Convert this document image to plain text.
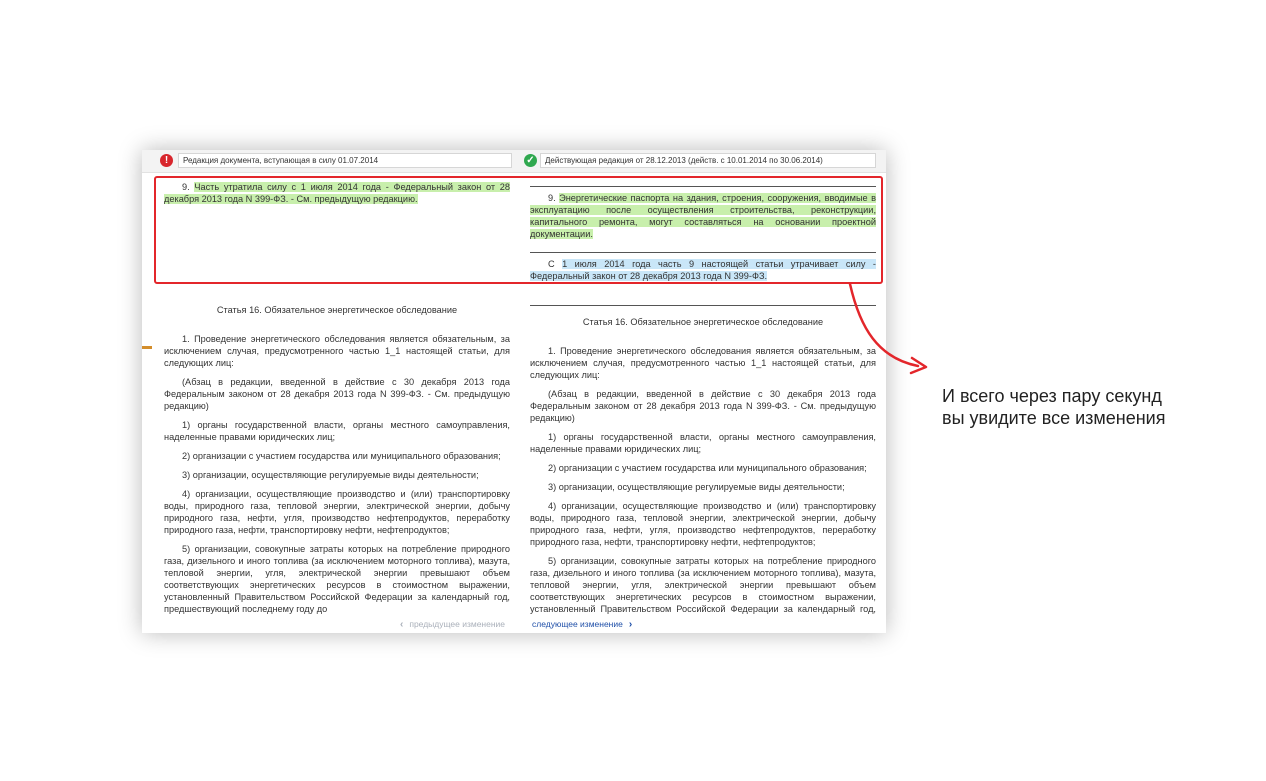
!	Редакция документа, вступающая в силу 01.07.2014	✓	Действующая редакция от 28.12.2013 (действ. с 10.01.2014 по 30.06.2014)

9. Часть утратила силу с 1 июля 2014 года - Федеральный закон от 28 декабря 2013 года N 399-ФЗ. - См. предыдущую редакцию.

Статья 16. Обязательное энергетическое обследование

1. Проведение энергетического обследования является обязательным, за исключением случая, предусмотренного частью 1_1 настоящей статьи, для следующих лиц:

(Абзац в редакции, введенной в действие с 30 декабря 2013 года Федеральным законом от 28 декабря 2013 года N 399-ФЗ. - См. предыдущую редакцию)

1) органы государственной власти, органы местного самоуправления, наделенные правами юридических лиц;

2) организации с участием государства или муниципального образования;

3) организации, осуществляющие регулируемые виды деятельности;

4) организации, осуществляющие производство и (или) транспортировку воды, природного газа, тепловой энергии, электрической энергии, добычу природного газа, нефти, угля, производство нефтепродуктов, переработку природного газа, нефти, транспортировку нефти, нефтепродуктов;

5) организации, совокупные затраты которых на потребление природного газа, дизельного и иного топлива (за исключением моторного топлива), мазута, тепловой энергии, угля, электрической энергии превышают объем соответствующих энергетических ресурсов в стоимостном выражении, установленный Правительством Российской Федерации за календарный год, предшествующий последнему году до

9. Энергетические паспорта на здания, строения, сооружения, вводимые в эксплуатацию после осуществления строительства, реконструкции, капитального ремонта, могут составляться на основании проектной документации.

С 1 июля 2014 года часть 9 настоящей статьи утрачивает силу - Федеральный закон от 28 декабря 2013 года N 399-ФЗ.

Статья 16. Обязательное энергетическое обследование

1. Проведение энергетического обследования является обязательным, за исключением случая, предусмотренного частью 1_1 настоящей статьи, для следующих лиц:

(Абзац в редакции, введенной в действие с 30 декабря 2013 года Федеральным законом от 28 декабря 2013 года N 399-ФЗ. - См. предыдущую редакцию)

1) органы государственной власти, органы местного самоуправления, наделенные правами юридических лиц;

2) организации с участием государства или муниципального образования;

3) организации, осуществляющие регулируемые виды деятельности;

4) организации, осуществляющие производство и (или) транспортировку воды, природного газа, тепловой энергии, электрической энергии, добычу природного газа, нефти, угля, производство нефтепродуктов, переработку природного газа, нефти, транспортировку нефти, нефтепродуктов;

5) организации, совокупные затраты которых на потребление природного газа, дизельного и иного топлива (за исключением моторного топлива), мазута, тепловой энергии, угля, электрической энергии превышают объем соответствующих энергетических ресурсов в стоимостном выражении, установленный Правительством Российской Федерации за календарный год,

‹ предыдущее изменение	следующее изменение ›
И всего через пару секунд
вы увидите все изменения
